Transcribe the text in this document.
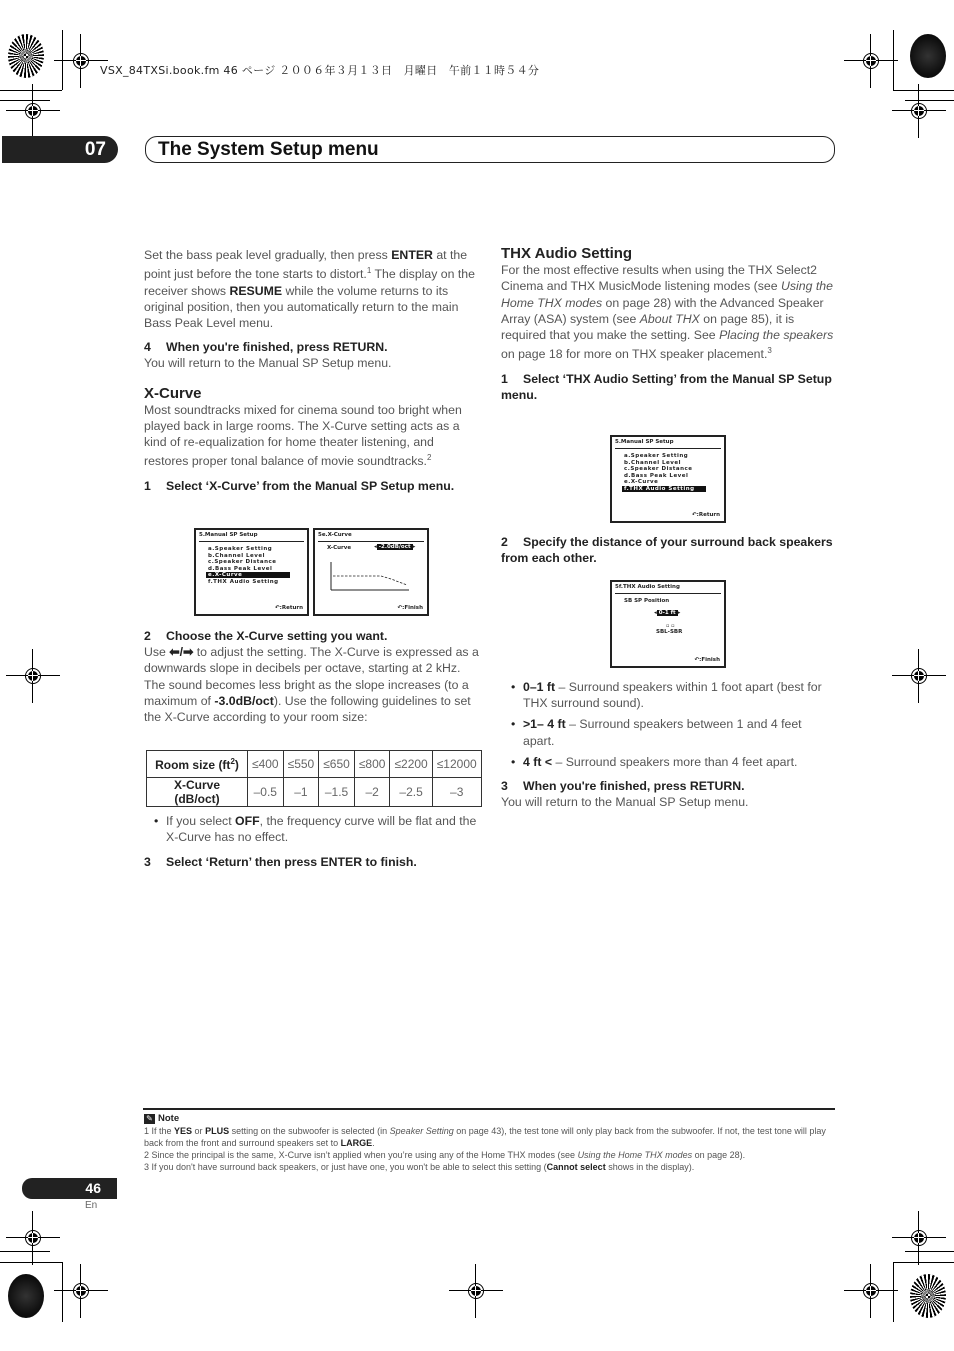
VSX_84TXSi.book.fm 46 ページ ２００６年３月１３日　月曜日　午前１１時５４分
07	The System Setup menu

Set the bass peak level gradually, then press ENTER at the point just before the tone starts to distort.$^1$ The display on the receiver shows RESUME while the volume returns to its original position, then you automatically return to the main Bass Peak Level menu.

4 When you're finished, press RETURN.

You will return to the Manual SP Setup menu.

X-Curve

Most soundtracks mixed for cinema sound too bright when played back in large rooms. The X-Curve setting acts as a kind of re-equalization for home theater listening, and restores proper tonal balance of movie soundtracks.$^2$

1 Select ‘X-Curve’ from the Manual SP Setup menu.
5.Manual SP Setup
a.Speaker Setting
b.Channel Level
c.Speaker Distance
d.Bass Peak Level
e.X-Curve
f.THX Audio Setting
↶:Return
5e.X-Curve
X-Curve	◂ -2.0dB/oct ▸
↶:Finish
2 Choose the X-Curve setting you want.

Use ⬅/➡ to adjust the setting. The X-Curve is expressed as a downwards slope in decibels per octave, starting at 2 kHz. The sound becomes less bright as the slope increases (to a maximum of -3.0dB/oct). Use the following guidelines to set the X-Curve according to your room size:

Room size $(ft^2)$	≤400	≤550	≤650	≤800	≤2200	≤12000
X-Curve (dB/oct)	–0.5	–1	–1.5	–2	–2.5	–3

• If you select OFF, the frequency curve will be flat and the X-Curve has no effect.

3 Select ‘Return’ then press ENTER to finish.
THX Audio Setting

For the most effective results when using the THX Select2 Cinema and THX MusicMode listening modes (see Using the Home THX modes on page 28) with the Advanced Speaker Array (ASA) system (see About THX on page 85), it is required that you make the setting. See Placing the speakers on page 18 for more on THX speaker placement.$^3$

1 Select ‘THX Audio Setting’ from the Manual SP Setup menu.
5.Manual SP Setup
a.Speaker Setting
b.Channel Level
c.Speaker Distance
d.Bass Peak Level
e.X-Curve
f.THX Audio Setting
↶:Return
2 Specify the distance of your surround back speakers from each other.
5f.THX Audio Setting
SB SP Position
◂ 0-1 ft ▸
▫ ▫
SBL-SBR
↶:Finish

• 0–1 ft – Surround speakers within 1 foot apart (best for THX surround sound).

• >1– 4 ft – Surround speakers between 1 and 4 feet apart.

• 4 ft < – Surround speakers more than 4 feet apart.

3 When you're finished, press RETURN.

You will return to the Manual SP Setup menu.

✎ Note
1 If the YES or PLUS setting on the subwoofer is selected (in Speaker Setting on page 43), the test tone will only play back from the subwoofer. If not, the test tone will play back from the front and surround speakers set to LARGE.
2 Since the principal is the same, X-Curve isn’t applied when you’re using any of the Home THX modes (see Using the Home THX modes on page 28).
3 If you don't have surround back speakers, or just have one, you won't be able to select this setting (Cannot select shows in the display).
46
En
